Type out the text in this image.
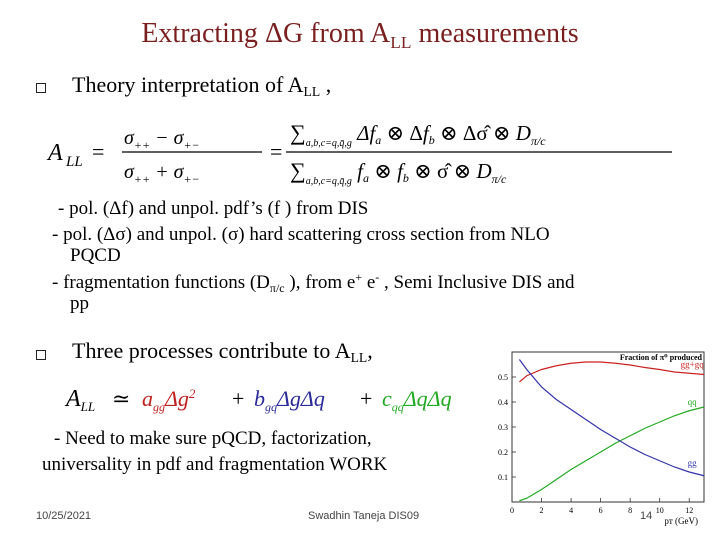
Extracting ΔG from ALL measurements
Theory interpretation of ALL ,
A LL =
$\sigma_{++} - \sigma_{+-}$
$\sigma_{++} + \sigma_{+-}$
=
$\sum_{a,b,c=q,q̄,g}$ Δfa ⊗ Δfb ⊗ Δσ̂ ⊗ $D_{\pi/c}$
$\sum_{a,b,c=q,q̄,g}$ fa ⊗ fb ⊗ σ̂ ⊗ $D_{\pi/c}$
- pol. (Δf) and unpol. pdf’s (f ) from DIS
- pol. (Δσ) and unpol. (σ) hard scattering cross section from NLO
PQCD
- fragmentation functions ($D_{\pi/c}$ ), from e+ e- , Semi Inclusive DIS and
pp
Three processes contribute to ALL,
$A_{LL}$ ≃ $a_{gg}\Delta g^2 + b_{gq}\Delta g\Delta q + c_{qq}\Delta q\Delta q$
- Need to make sure pQCD, factorization,
universality in pdf and fragmentation WORK
Fraction of π⁰ produced
0.1
0.2
0.3
0.4
0.5
0	2	4	6	8	10	12
pᴛ (GeV)
gg+gq
qq
gg
10/25/2021	Swadhin Taneja DIS09	14
